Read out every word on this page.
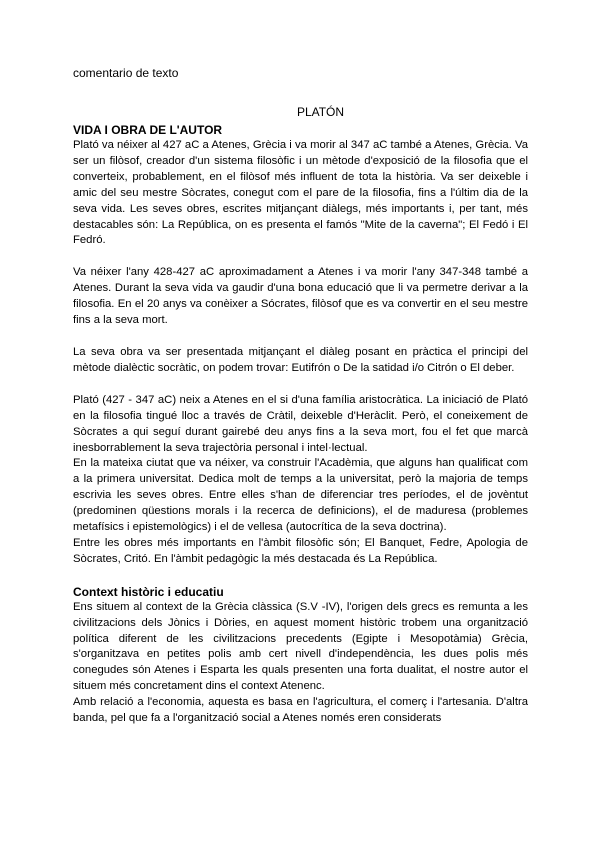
comentario de texto

PLATÓN

VIDA I OBRA DE L'AUTOR

Plató va néixer al 427 aC a Atenes, Grècia i va morir al 347 aC també a Atenes, Grècia. Va ser un filòsof, creador d'un sistema filosòfic i un mètode d'exposició de la filosofia que el converteix, probablement, en el filòsof més influent de tota la història. Va ser deixeble i amic del seu mestre Sòcrates, conegut com el pare de la filosofia, fins a l'últim dia de la seva vida. Les seves obres, escrites mitjançant diàlegs, més importants i, per tant, més destacables són: La República, on es presenta el famós "Mite de la caverna"; El Fedó i El Fedró.

Va néixer l'any 428-427 aC aproximadament a Atenes i va morir l'any 347-348 també a Atenes. Durant la seva vida va gaudir d'una bona educació que li va permetre derivar a la filosofia. En el 20 anys va conèixer a Sócrates, filòsof que es va convertir en el seu mestre fins a la seva mort.

La seva obra va ser presentada mitjançant el diàleg posant en pràctica el principi del mètode dialèctic socràtic, on podem trovar: Eutifrón o De la satidad i/o Citrón o El deber.

Plató (427 - 347 aC) neix a Atenes en el si d'una família aristocràtica. La iniciació de Plató en la filosofia tingué lloc a través de Cràtil, deixeble d'Heràclit. Però, el coneixement de Sòcrates a qui seguí durant gairebé deu anys fins a la seva mort, fou el fet que marcà inesborrablement la seva trajectòria personal i intel·lectual.

En la mateixa ciutat que va néixer, va construir l'Acadèmia, que alguns han qualificat com a la primera universitat. Dedica molt de temps a la universitat, però la majoria de temps escrivia les seves obres. Entre elles s'han de diferenciar tres períodes, el de jovèntut (predominen qüestions morals i la recerca de definicions), el de maduresa (problemes metafísics i epistemològics) i el de vellesa (autocrítica de la seva doctrina).

Entre les obres més importants en l'àmbit filosòfic són; El Banquet, Fedre, Apologia de Sòcrates, Critó. En l'àmbit pedagògic la més destacada és La República.

Context històric i educatiu

Ens situem al context de la Grècia clàssica (S.V -IV), l'origen dels grecs es remunta a les civilitzacions dels Jònics i Dòries, en aquest moment històric trobem una organització política diferent de les civilitzacions precedents (Egipte i Mesopotàmia) Grècia, s'organitzava en petites polis amb cert nivell d'independència, les dues polis més conegudes són Atenes i Esparta les quals presenten una forta dualitat, el nostre autor el situem més concretament dins el context Atenenc.

Amb relació a l'economia, aquesta es basa en l'agricultura, el comerç i l'artesania. D'altra banda, pel que fa a l'organització social a Atenes només eren considerats
